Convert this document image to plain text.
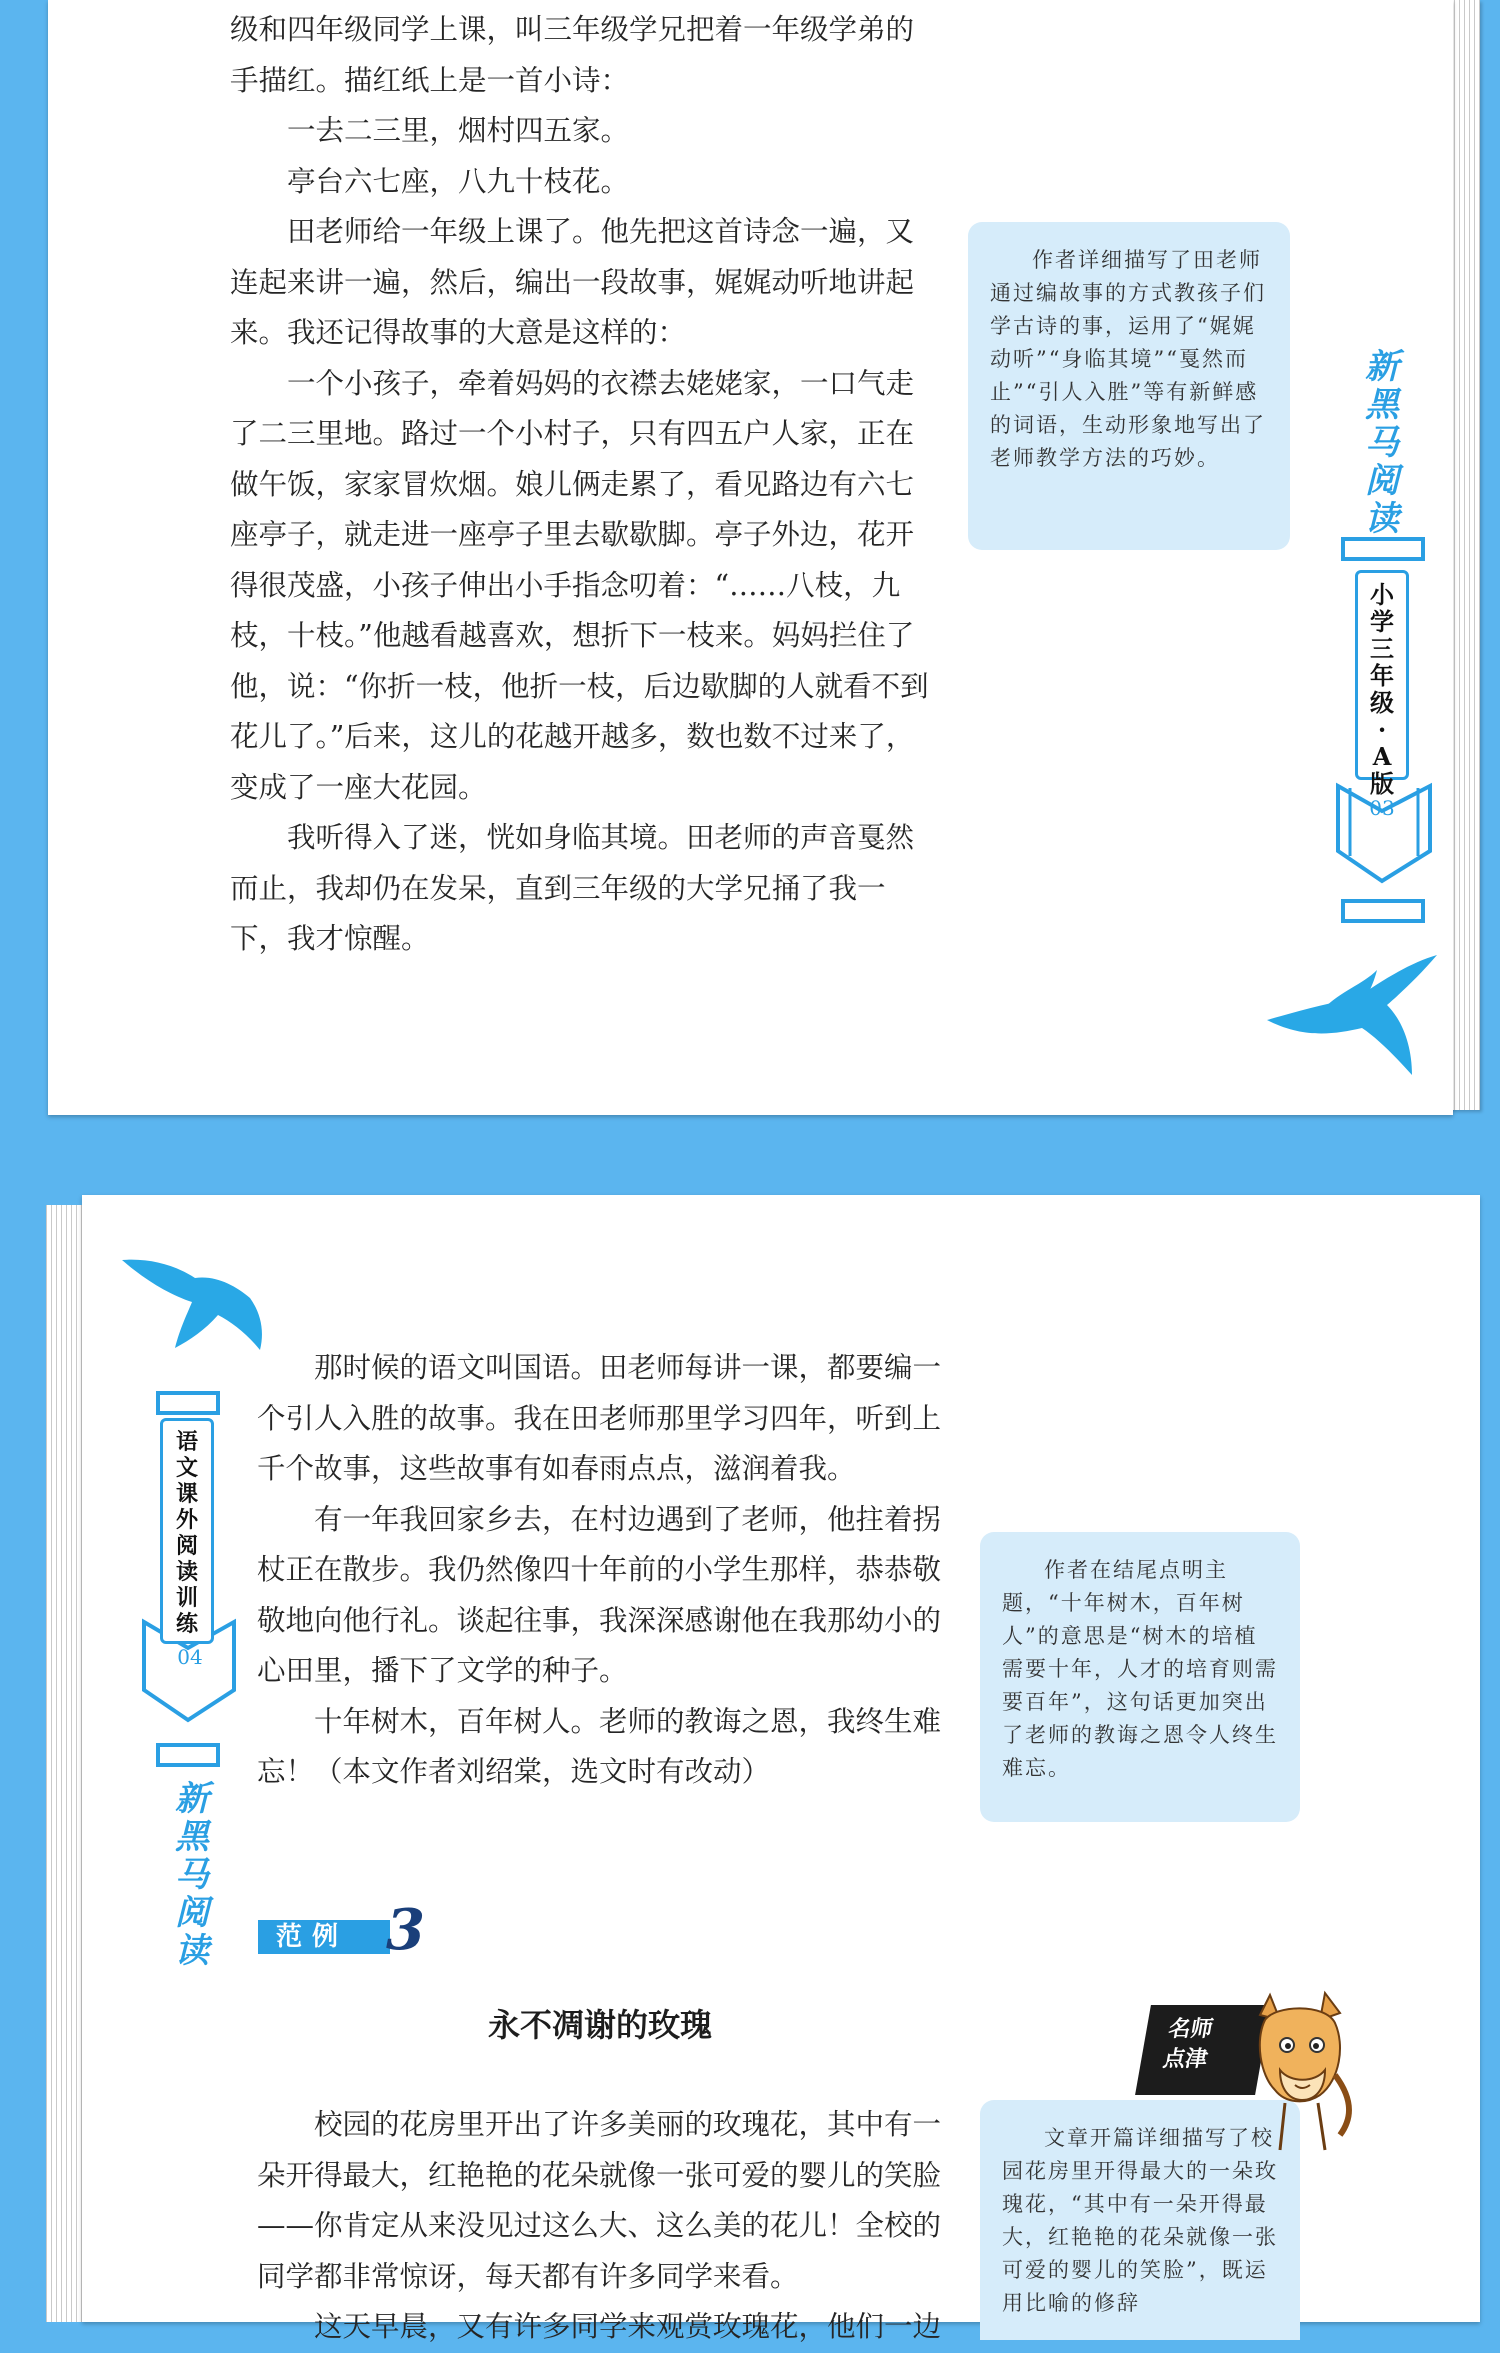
级和四年级同学上课，叫三年级学兄把着一年级学弟的手描红。描红纸上是一首小诗：

一去二三里，烟村四五家。

亭台六七座，八九十枝花。

田老师给一年级上课了。他先把这首诗念一遍，又连起来讲一遍，然后，编出一段故事，娓娓动听地讲起来。我还记得故事的大意是这样的：

一个小孩子，牵着妈妈的衣襟去姥姥家，一口气走了二三里地。路过一个小村子，只有四五户人家，正在做午饭，家家冒炊烟。娘儿俩走累了，看见路边有六七座亭子，就走进一座亭子里去歇歇脚。亭子外边，花开得很茂盛，小孩子伸出小手指念叨着：“……八枝，九枝，十枝。”他越看越喜欢，想折下一枝来。妈妈拦住了他，说：“你折一枝，他折一枝，后边歇脚的人就看不到花儿了。”后来，这儿的花越开越多，数也数不过来了，变成了一座大花园。

我听得入了迷，恍如身临其境。田老师的声音戛然而止，我却仍在发呆，直到三年级的大学兄捅了我一下，我才惊醒。

作者详细描写了田老师通过编故事的方式教孩子们学古诗的事，运用了“娓娓动听”“身临其境”“戛然而止”“引人入胜”等有新鲜感的词语，生动形象地写出了老师教学方法的巧妙。

新
黑
马
阅
读
小
学
三
年
级
·
A
版
03

那时候的语文叫国语。田老师每讲一课，都要编一个引人入胜的故事。我在田老师那里学习四年，听到上千个故事，这些故事有如春雨点点，滋润着我。

有一年我回家乡去，在村边遇到了老师，他拄着拐杖正在散步。我仍然像四十年前的小学生那样，恭恭敬敬地向他行礼。谈起往事，我深深感谢他在我那幼小的心田里，播下了文学的种子。

十年树木，百年树人。老师的教诲之恩，我终生难忘！（本文作者刘绍棠，选文时有改动）

作者在结尾点明主题，“十年树木，百年树人”的意思是“树木的培植需要十年，人才的培育则需要百年”，这句话更加突出了老师的教诲之恩令人终生难忘。

语
文
课
外
阅
读
训
练
04
新
黑
马
阅
读	范例 3
永不凋谢的玫瑰

校园的花房里开出了许多美丽的玫瑰花，其中有一朵开得最大，红艳艳的花朵就像一张可爱的婴儿的笑脸——你肯定从来没见过这么大、这么美的花儿！全校的同学都非常惊讶，每天都有许多同学来看。

这天早晨，又有许多同学来观赏玫瑰花，他们一边

文章开篇详细描写了校园花房里开得最大的一朵玫瑰花，“其中有一朵开得最大，红艳艳的花朵就像一张可爱的婴儿的笑脸”，既运用比喻的修辞

名师
点津
